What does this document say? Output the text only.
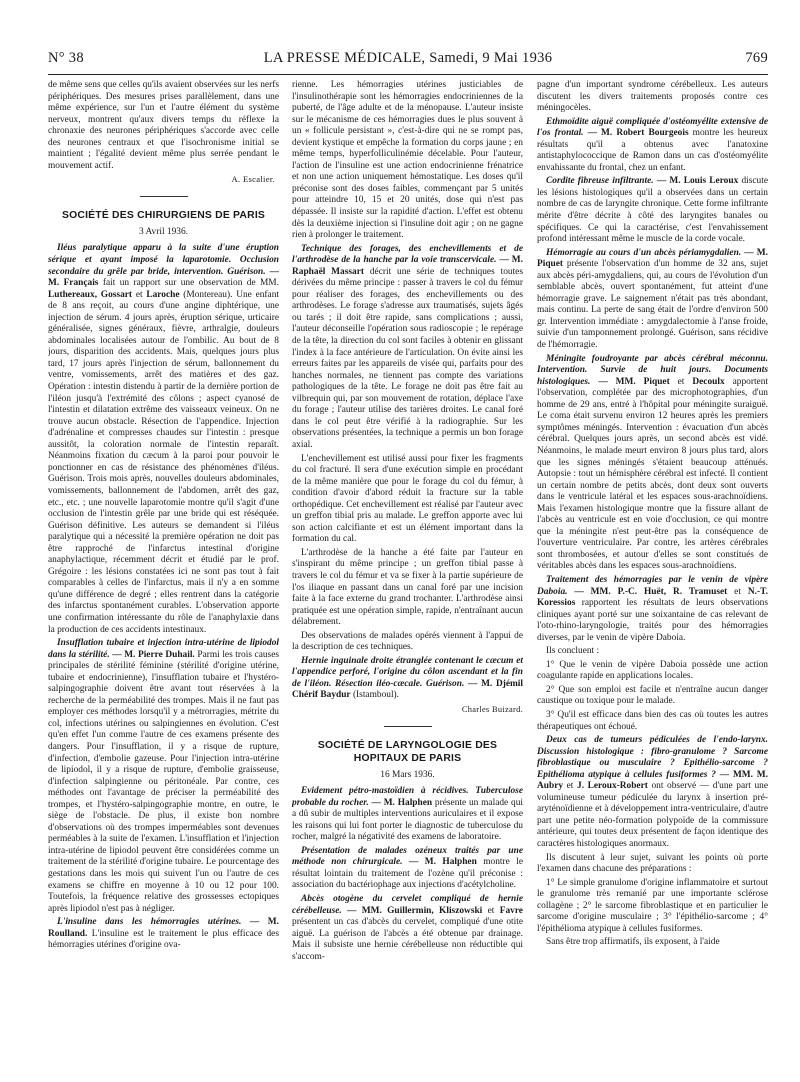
N° 38	LA PRESSE MÉDICALE, Samedi, 9 Mai 1936	769

de même sens que celles qu'ils avaient observées sur les nerfs périphériques. Des mesures prises parallèlement, dans une même expérience, sur l'un et l'autre élément du système nerveux, montrent qu'aux divers temps du réflexe la chronaxie des neurones périphériques s'accorde avec celle des neurones centraux et que l'isochronisme initial se maintient ; l'égalité devient même plus serrée pendant le mouvement actif.

A. Escalier.
SOCIÉTÉ DES CHIRURGIENS DE PARIS
3 Avril 1936.

Iléus paralytique apparu à la suite d'une éruption sérique et ayant imposé la laparotomie. Occlusion secondaire du grêle par bride, intervention. Guérison. — M. Français fait un rapport sur une observation de MM. Luthereaux, Gossart et Laroche (Montereau). Une enfant de 8 ans reçoit, au cours d'une angine diphtérique, une injection de sérum. 4 jours après, éruption sérique, urticaire généralisée, signes généraux, fièvre, arthralgie, douleurs abdominales localisées autour de l'ombilic. Au bout de 8 jours, disparition des accidents. Mais, quelques jours plus tard, 17 jours après l'injection de sérum, ballonnement du ventre, vomissements, arrêt des matières et des gaz. Opération : intestin distendu à partir de la dernière portion de l'iléon jusqu'à l'extrémité des côlons ; aspect cyanosé de l'intestin et dilatation extrême des vaisseaux veineux. On ne trouve aucun obstacle. Résection de l'appendice. Injection d'adrénaline et compresses chaudes sur l'intestin : presque aussitôt, la coloration normale de l'intestin reparaît. Néanmoins fixation du cæcum à la paroi pour pouvoir le ponctionner en cas de résistance des phénomènes d'iléus. Guérison. Trois mois après, nouvelles douleurs abdominales, vomissements, ballonnement de l'abdomen, arrêt des gaz, etc., etc. ; une nouvelle laparotomie montre qu'il s'agit d'une occlusion de l'intestin grêle par une bride qui est réséquée. Guérison définitive. Les auteurs se demandent si l'iléus paralytique qui a nécessité la première opération ne doit pas être rapproché de l'infarctus intestinal d'origine anaphylactique, récemment décrit et étudié par le prof. Grégoire : les lésions constatées ici ne sont pas tout à fait comparables à celles de l'infarctus, mais il n'y a en somme qu'une différence de degré ; elles rentrent dans la catégorie des infarctus spontanément curables. L'observation apporte une confirmation intéressante du rôle de l'anaphylaxie dans la production de ces accidents intestinaux.

Insufflation tubaire et injection intra-utérine de lipiodol dans la stérilité. — M. Pierre Duhail. Parmi les trois causes principales de stérilité féminine (stérilité d'origine utérine, tubaire et endocrinienne), l'insufflation tubaire et l'hystéro-salpingographie doivent être avant tout réservées à la recherche de la perméabilité des trompes. Mais il ne faut pas employer ces méthodes lorsqu'il y a métrorragies, métrite du col, infections utérines ou salpingiennes en évolution. C'est qu'en effet l'un comme l'autre de ces examens présente des dangers. Pour l'insufflation, il y a risque de rupture, d'infection, d'embolie gazeuse. Pour l'injection intra-utérine de lipiodol, il y a risque de rupture, d'embolie graisseuse, d'infection salpingienne ou péritonéale. Par contre, ces méthodes ont l'avantage de préciser la perméabilité des trompes, et l'hystéro-salpingographie montre, en outre, le siège de l'obstacle. De plus, il existe bon nombre d'observations où des trompes imperméables sont devenues perméables à la suite de l'examen. L'insufflation et l'injection intra-utérine de lipiodol peuvent être considérées comme un traitement de la stérilité d'origine tubaire. Le pourcentage des gestations dans les mois qui suivent l'un ou l'autre de ces examens se chiffre en moyenne à 10 ou 12 pour 100. Toutefois, la fréquence relative des grossesses ectopiques après lipiodol n'est pas à négliger.

L'insuline dans les hémorragies utérines. — M. Roulland. L'insuline est le traitement le plus efficace des hémorragies utérines d'origine ova-

rienne. Les hémorragies utérines justiciables de l'insulinothérapie sont les hémorragies endocriniennes de la puberté, de l'âge adulte et de la ménopause. L'auteur insiste sur le mécanisme de ces hémorragies dues le plus souvent à un « follicule persistant », c'est-à-dire qui ne se rompt pas, devient kystique et empêche la formation du corps jaune ; en même temps, hyperfolliculinémie décelable. Pour l'auteur, l'action de l'insuline est une action endocrinienne frénatrice et non une action uniquement hémostatique. Les doses qu'il préconise sont des doses faibles, commençant par 5 unités pour atteindre 10, 15 et 20 unités, dose qui n'est pas dépassée. Il insiste sur la rapidité d'action. L'effet est obtenu dès la deuxième injection si l'insuline doit agir ; on ne gagne rien à prolonger le traitement.

Technique des forages, des enchevillements et de l'arthrodèse de la hanche par la voie transcervicale. — M. Raphaël Massart décrit une série de techniques toutes dérivées du même principe : passer à travers le col du fémur pour réaliser des forages, des enchevillements ou des arthrodèses. Le forage s'adresse aux traumatisés, sujets âgés ou tarés ; il doit être rapide, sans complications ; aussi, l'auteur déconseille l'opération sous radioscopie ; le repérage de la tête, la direction du col sont faciles à obtenir en glissant l'index à la face antérieure de l'articulation. On évite ainsi les erreurs faites par les appareils de visée qui, parfaits pour des hanches normales, ne tiennent pas compte des variations pathologiques de la tête. Le forage ne doit pas être fait au vilbrequin qui, par son mouvement de rotation, déplace l'axe du forage ; l'auteur utilise des tarières droites. Le canal foré dans le col peut être vérifié à la radiographie. Sur les observations présentées, la technique a permis un bon forage axial.

L'enchevillement est utilisé aussi pour fixer les fragments du col fracturé. Il sera d'une exécution simple en procédant de la même manière que pour le forage du col du fémur, à condition d'avoir d'abord réduit la fracture sur la table orthopédique. Cet enchevillement est réalisé par l'auteur avec un greffon tibial pris au malade. Le greffon apporte avec lui son action calcifiante et est un élément important dans la formation du cal.

L'arthrodèse de la hanche a été faite par l'auteur en s'inspirant du même principe ; un greffon tibial passe à travers le col du fémur et va se fixer à la partie supérieure de l'os iliaque en passant dans un canal foré par une incision faite à la face externe du grand trochanter. L'arthrodèse ainsi pratiquée est une opération simple, rapide, n'entraînant aucun délabrement.

Des observations de malades opérés viennent à l'appui de la description de ces techniques.

Hernie inguinale droite étranglée contenant le cæcum et l'appendice perforé, l'origine du côlon ascendant et la fin de l'iléon. Résection iléo-cæcale. Guérison. — M. Djémil Chérif Baydur (Istamboul).

Charles Buizard.
SOCIÉTÉ DE LARYNGOLOGIE DES HOPITAUX DE PARIS
16 Mars 1936.

Evidement pétro-mastoïdien à récidives. Tuberculose probable du rocher. — M. Halphen présente un malade qui a dû subir de multiples interventions auriculaires et il expose les raisons qui lui font porter le diagnostic de tuberculose du rocher, malgré la négativité des examens de laboratoire.

Présentation de malades ozéneux traités par une méthode non chirurgicale. — M. Halphen montre le résultat lointain du traitement de l'ozène qu'il préconise : association du bactériophage aux injections d'acétylcholine.

Abcès otogène du cervelet compliqué de hernie cérébelleuse. — MM. Guillermin, Kliszowski et Favre présentent un cas d'abcès du cervelet, compliqué d'une otite aiguë. La guérison de l'abcès a été obtenue par drainage. Mais il subsiste une hernie cérébelleuse non réductible qui s'accom-

pagne d'un important syndrome cérébelleux. Les auteurs discutent les divers traitements proposés contre ces méningocèles.

Ethmoïdite aiguë compliquée d'ostéomyélite extensive de l'os frontal. — M. Robert Bourgeois montre les heureux résultats qu'il a obtenus avec l'anatoxine antistaphylococcique de Ramon dans un cas d'ostéomyélite envahissante du frontal, chez un enfant.

Cordite fibreuse infiltrante. — M. Louis Leroux discute les lésions histologiques qu'il a observées dans un certain nombre de cas de laryngite chronique. Cette forme infiltrante mérite d'être décrite à côté des laryngites banales ou spécifiques. Ce qui la caractérise, c'est l'envahissement profond intéressant même le muscle de la corde vocale.

Hémorragie au cours d'un abcès périamygdalien. — M. Piquet présente l'observation d'un homme de 32 ans, sujet aux abcès péri-amygdaliens, qui, au cours de l'évolution d'un semblable abcès, ouvert spontanément, fut atteint d'une hémorragie grave. Le saignement n'était pas très abondant, mais continu. La perte de sang était de l'ordre d'environ 500 gr. Intervention immédiate : amygdalectomie à l'anse froide, suivie d'un tamponnement prolongé. Guérison, sans récidive de l'hémorragie.

Méningite foudroyante par abcès cérébral méconnu. Intervention. Survie de huit jours. Documents histologiques. — MM. Piquet et Decoulx apportent l'observation, complétée par des microphotographies, d'un homme de 29 ans, entré à l'hôpital pour méningite suraiguë. Le coma était survenu environ 12 heures après les premiers symptômes méningés. Intervention : évacuation d'un abcès cérébral. Quelques jours après, un second abcès est vidé. Néanmoins, le malade meurt environ 8 jours plus tard, alors que les signes méningés s'étaient beaucoup atténués. Autopsie : tout un hémisphère cérébral est infecté. Il contient un certain nombre de petits abcès, dont deux sont ouverts dans le ventricule latéral et les espaces sous-arachnoïdiens. Mais l'examen histologique montre que la fissure allant de l'abcès au ventricule est en voie d'occlusion, ce qui montre que la méningite n'est peut-être pas la conséquence de l'ouverture ventriculaire. Par contre, les artères cérébrales sont thrombosées, et autour d'elles se sont constitués de véritables abcès dans les espaces sous-arachnoïdiens.

Traitement des hémorragies par le venin de vipère Daboia. — MM. P.-C. Huët, R. Tramuset et N.-T. Koressios rapportent les résultats de leurs observations cliniques ayant porté sur une soixantaine de cas relevant de l'oto-rhino-laryngologie, traités pour des hémorragies diverses, par le venin de vipère Daboia.

Ils concluent :

1° Que le venin de vipère Daboia possède une action coagulante rapide en applications locales.

2° Que son emploi est facile et n'entraîne aucun danger caustique ou toxique pour le malade.

3° Qu'il est efficace dans bien des cas où toutes les autres thérapeutiques ont échoué.

Deux cas de tumeurs pédiculées de l'endo-larynx. Discussion histologique : fibro-granulome ? Sarcome fibroblastique ou musculaire ? Epithélio-sarcome ? Epithélioma atypique à cellules fusiformes ? — MM. M. Aubry et J. Leroux-Robert ont observé — d'une part une volumineuse tumeur pédiculée du larynx à insertion pré-aryténoïdienne et à développement intra-ventriculaire, d'autre part une petite néo-formation polypoïde de la commissure antérieure, qui toutes deux présentent de façon identique des caractères histologiques anormaux.

Ils discutent à leur sujet, suivant les points où porte l'examen dans chacune des préparations :

1° Le simple granulome d'origine inflammatoire et surtout le granulome très remanié par une importante sclérose collagène ; 2° le sarcome fibroblastique et en particulier le sarcome d'origine musculaire ; 3° l'épithélio-sarcome ; 4° l'épithélioma atypique à cellules fusiformes.

Sans être trop affirmatifs, ils exposent, à l'aide
